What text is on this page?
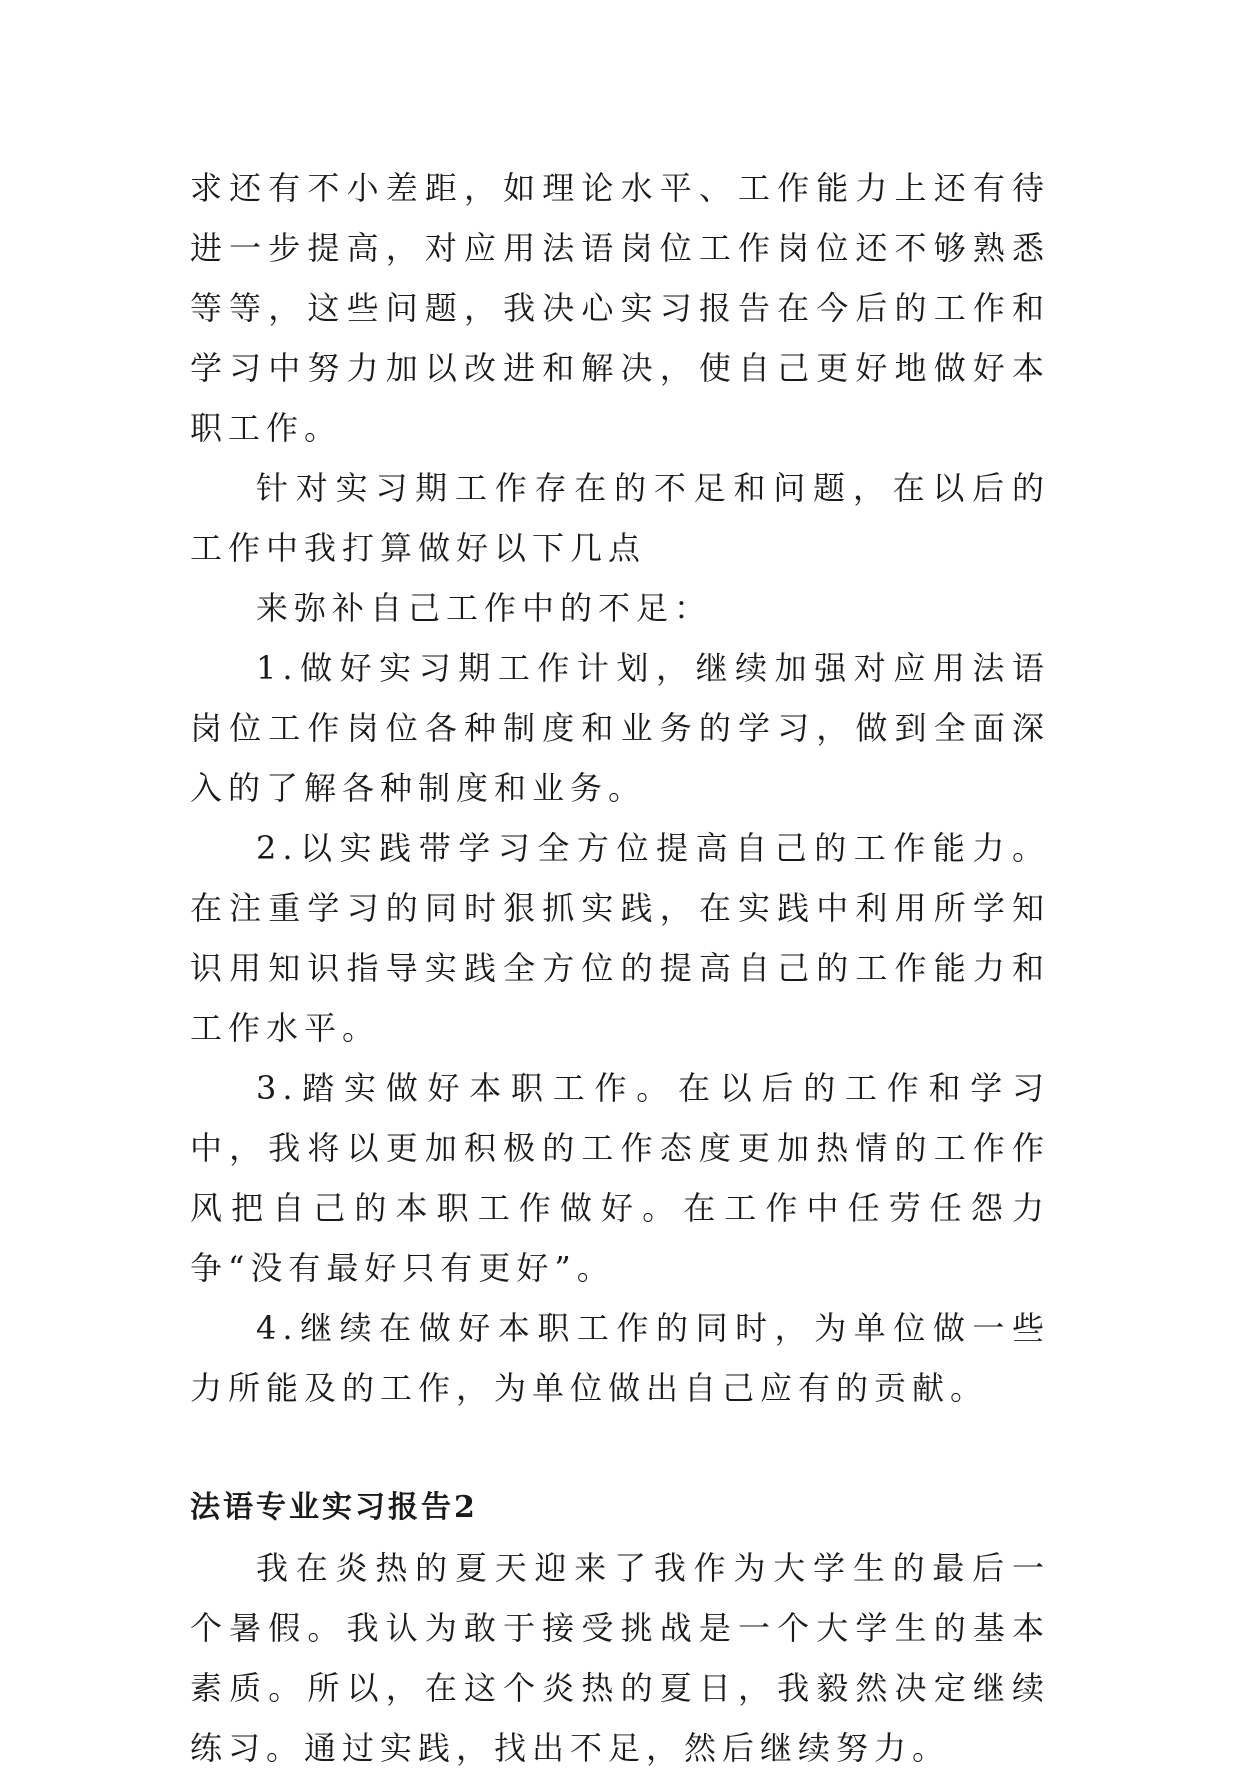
求还有不小差距，如理论水平、工作能力上还有待进一步提高，对应用法语岗位工作岗位还不够熟悉等等，这些问题，我决心实习报告在今后的工作和学习中努力加以改进和解决，使自己更好地做好本职工作。

针对实习期工作存在的不足和问题，在以后的工作中我打算做好以下几点

来弥补自己工作中的不足：

1.做好实习期工作计划，继续加强对应用法语岗位工作岗位各种制度和业务的学习，做到全面深入的了解各种制度和业务。

2.以实践带学习全方位提高自己的工作能力。在注重学习的同时狠抓实践，在实践中利用所学知识用知识指导实践全方位的提高自己的工作能力和工作水平。

3.踏实做好本职工作。在以后的工作和学习中，我将以更加积极的工作态度更加热情的工作作风把自己的本职工作做好。在工作中任劳任怨力争“没有最好只有更好”。

4.继续在做好本职工作的同时，为单位做一些力所能及的工作，为单位做出自己应有的贡献。

法语专业实习报告2

我在炎热的夏天迎来了我作为大学生的最后一个暑假。我认为敢于接受挑战是一个大学生的基本素质。所以，在这个炎热的夏日，我毅然决定继续练习。通过实践，找出不足，然后继续努力。
